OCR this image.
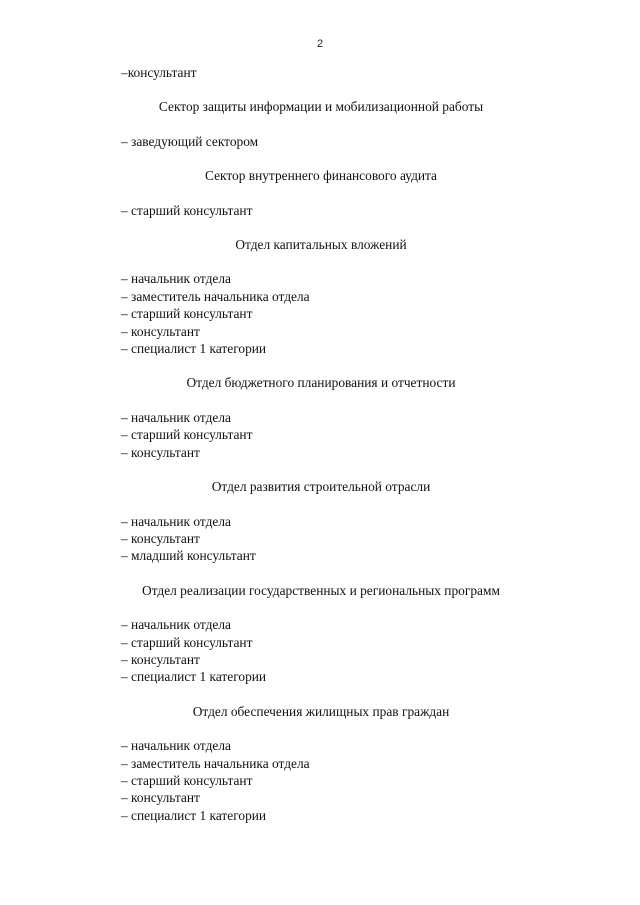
2
–консультант
Сектор защиты информации и мобилизационной работы
– заведующий сектором
Сектор внутреннего финансового аудита
– старший консультант
Отдел капитальных вложений
– начальник отдела
– заместитель начальника отдела
– старший консультант
– консультант
– специалист 1 категории
Отдел бюджетного планирования и отчетности
– начальник отдела
– старший консультант
– консультант
Отдел развития строительной отрасли
– начальник отдела
– консультант
– младший консультант
Отдел реализации государственных и региональных программ
– начальник отдела
– старший консультант
– консультант
– специалист 1 категории
Отдел обеспечения жилищных прав граждан
– начальник отдела
– заместитель начальника отдела
– старший консультант
– консультант
– специалист 1 категории
